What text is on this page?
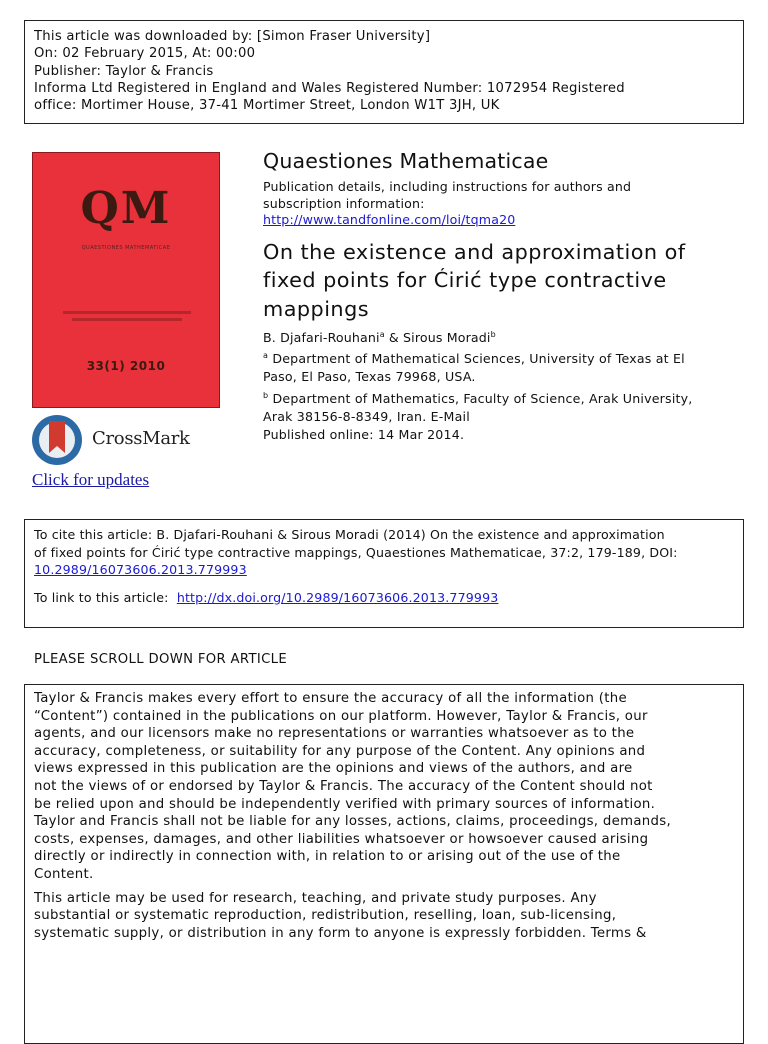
This article was downloaded by: [Simon Fraser University]
On: 02 February 2015, At: 00:00
Publisher: Taylor & Francis
Informa Ltd Registered in England and Wales Registered Number: 1072954 Registered
office: Mortimer House, 37-41 Mortimer Street, London W1T 3JH, UK
QM
QUAESTIONES MATHEMATICAE
33(1) 2010
CrossMark
Click for updates
Quaestiones Mathematicae
Publication details, including instructions for authors and
subscription information:
http://www.tandfonline.com/loi/tqma20
On the existence and approximation of
fixed points for Ćirić type contractive
mappings
B. Djafari-Rouhani$^a$ & Sirous Moradi$^b$
$^a$ Department of Mathematical Sciences, University of Texas at El
Paso, El Paso, Texas 79968, USA.
$^b$ Department of Mathematics, Faculty of Science, Arak University,
Arak 38156-8-8349, Iran. E-Mail
Published online: 14 Mar 2014.
To cite this article: B. Djafari-Rouhani & Sirous Moradi (2014) On the existence and approximation
of fixed points for Ćirić type contractive mappings, Quaestiones Mathematicae, 37:2, 179-189, DOI:
10.2989/16073606.2013.779993
To link to this article:  http://dx.doi.org/10.2989/16073606.2013.779993
PLEASE SCROLL DOWN FOR ARTICLE
Taylor & Francis makes every effort to ensure the accuracy of all the information (the
“Content”) contained in the publications on our platform. However, Taylor & Francis, our
agents, and our licensors make no representations or warranties whatsoever as to the
accuracy, completeness, or suitability for any purpose of the Content. Any opinions and
views expressed in this publication are the opinions and views of the authors, and are
not the views of or endorsed by Taylor & Francis. The accuracy of the Content should not
be relied upon and should be independently verified with primary sources of information.
Taylor and Francis shall not be liable for any losses, actions, claims, proceedings, demands,
costs, expenses, damages, and other liabilities whatsoever or howsoever caused arising
directly or indirectly in connection with, in relation to or arising out of the use of the
Content.
This article may be used for research, teaching, and private study purposes. Any
substantial or systematic reproduction, redistribution, reselling, loan, sub-licensing,
systematic supply, or distribution in any form to anyone is expressly forbidden. Terms &
